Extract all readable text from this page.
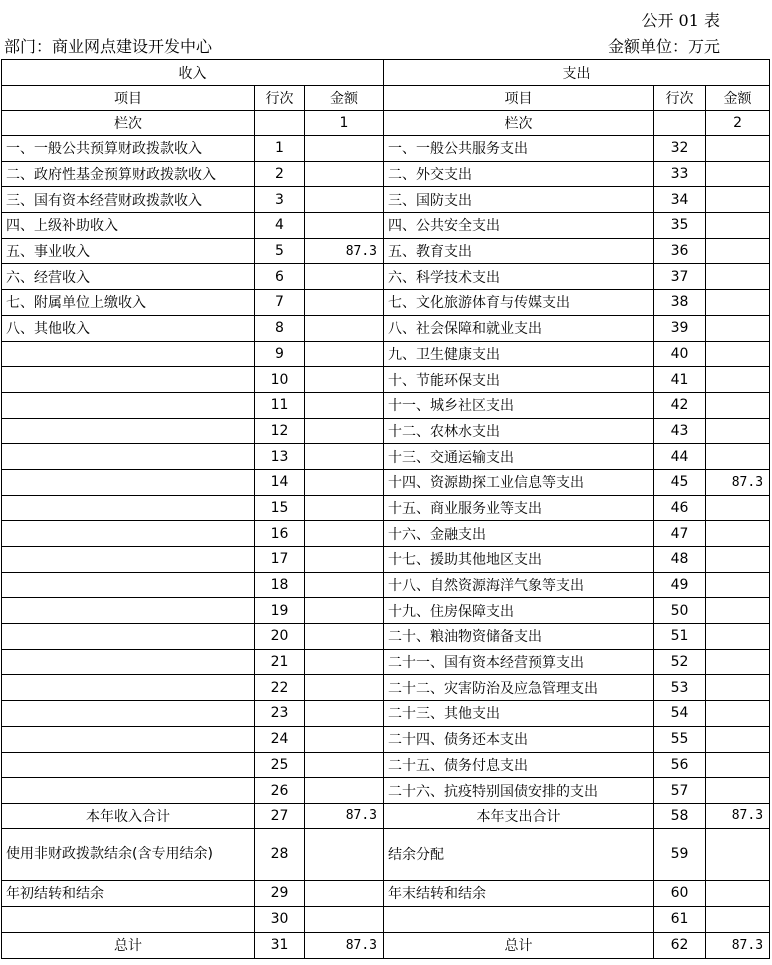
公开 01 表
部门：商业网点建设开发中心	金额单位：万元
收入			支出		
项目	行次	金额	项目	行次	金额
栏次		1	栏次		2
一、一般公共预算财政拨款收入	1		一、一般公共服务支出	32	
二、政府性基金预算财政拨款收入	2		二、外交支出	33	
三、国有资本经营财政拨款收入	3		三、国防支出	34	
四、上级补助收入	4		四、公共安全支出	35	
五、事业收入	5	87.3	五、教育支出	36	
六、经营收入	6		六、科学技术支出	37	
七、附属单位上缴收入	7		七、文化旅游体育与传媒支出	38	
八、其他收入	8		八、社会保障和就业支出	39	
	9		九、卫生健康支出	40	
	10		十、节能环保支出	41	
	11		十一、城乡社区支出	42	
	12		十二、农林水支出	43	
	13		十三、交通运输支出	44	
	14		十四、资源勘探工业信息等支出	45	87.3
	15		十五、商业服务业等支出	46	
	16		十六、金融支出	47	
	17		十七、援助其他地区支出	48	
	18		十八、自然资源海洋气象等支出	49	
	19		十九、住房保障支出	50	
	20		二十、粮油物资储备支出	51	
	21		二十一、国有资本经营预算支出	52	
	22		二十二、灾害防治及应急管理支出	53	
	23		二十三、其他支出	54	
	24		二十四、债务还本支出	55	
	25		二十五、债务付息支出	56	
	26		二十六、抗疫特别国债安排的支出	57	
本年收入合计	27	87.3	本年支出合计	58	87.3
使用非财政拨款结余(含专用结余)	28		结余分配	59	
年初结转和结余	29		年末结转和结余	60	
	30			61	
总计	31	87.3	总计	62	87.3
